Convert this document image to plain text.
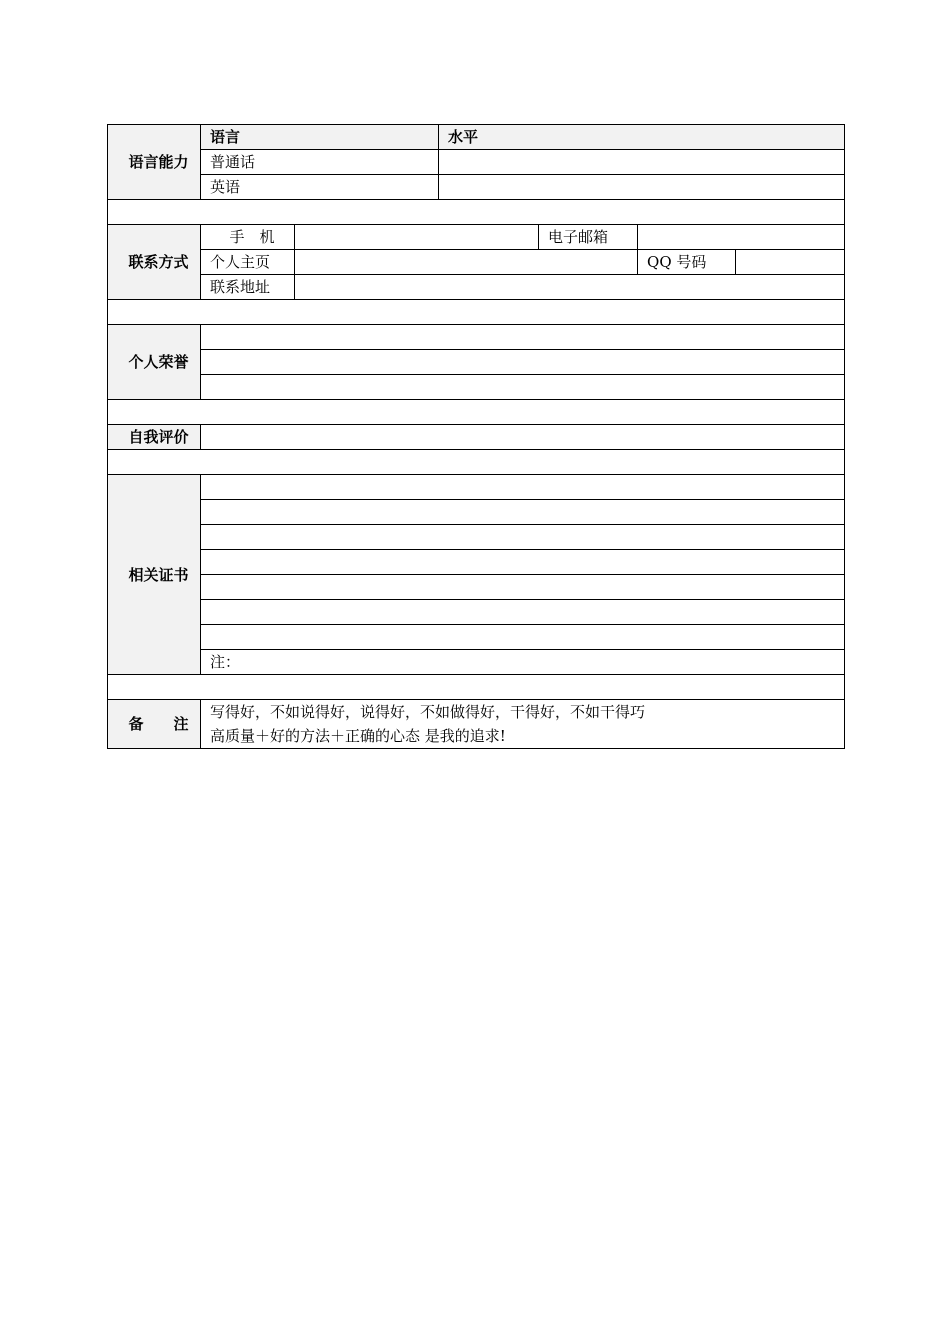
语言能力	语言	水平
普通话	
英语	

联系方式	手　机		电子邮箱	
个人主页			QQ 号码	

联系地址	

个人荣誉	

自我评价	

相关证书	

注：

备　　注	
写得好，不如说得好，说得好，不如做得好，干得好，不如干得巧
高质量＋好的方法＋正确的心态 是我的追求!
